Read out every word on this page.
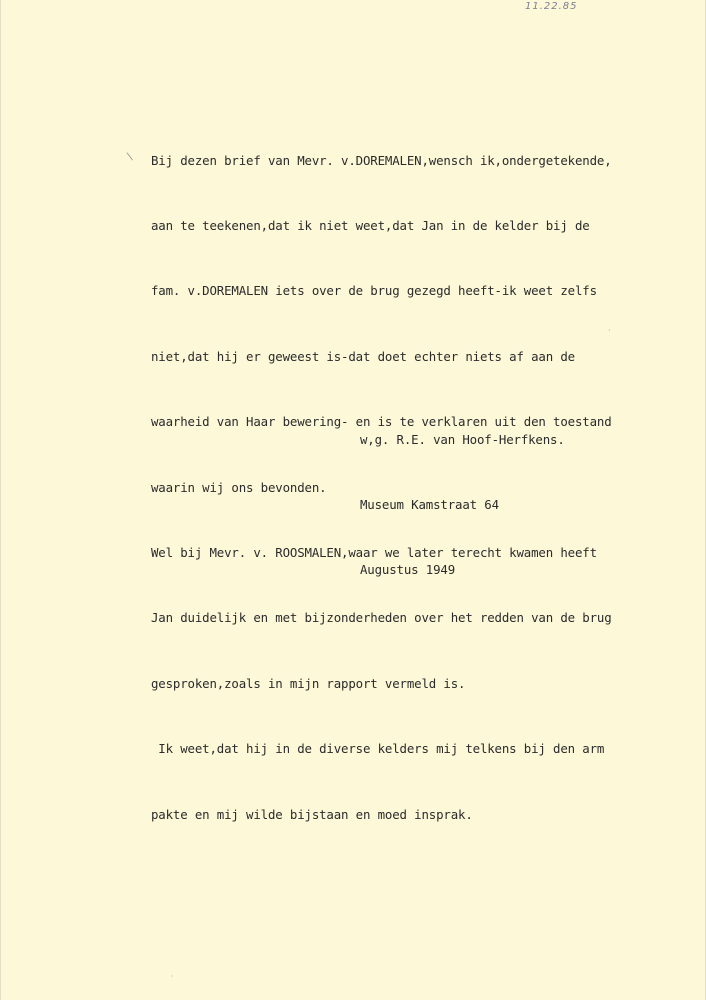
11.22.85
\
·
·

Bij dezen brief van Mevr. v.DOREMALEN,wensch ik,ondergetekende,

aan te teekenen,dat ik niet weet,dat Jan in de kelder bij de

fam. v.DOREMALEN iets over de brug gezegd heeft-ik weet zelfs

niet,dat hij er geweest is-dat doet echter niets af aan de

waarheid van Haar bewering- en is te verklaren uit den toestand

waarin wij ons bevonden.

Wel bij Mevr. v. ROOSMALEN,waar we later terecht kwamen heeft

Jan duidelijk en met bijzonderheden over het redden van de brug

gesproken,zoals in mijn rapport vermeld is.

Ik weet,dat hij in de diverse kelders mij telkens bij den arm

pakte en mij wilde bijstaan en moed insprak.

w,g. R.E. van Hoof-Herfkens.

Museum Kamstraat 64

Augustus 1949
